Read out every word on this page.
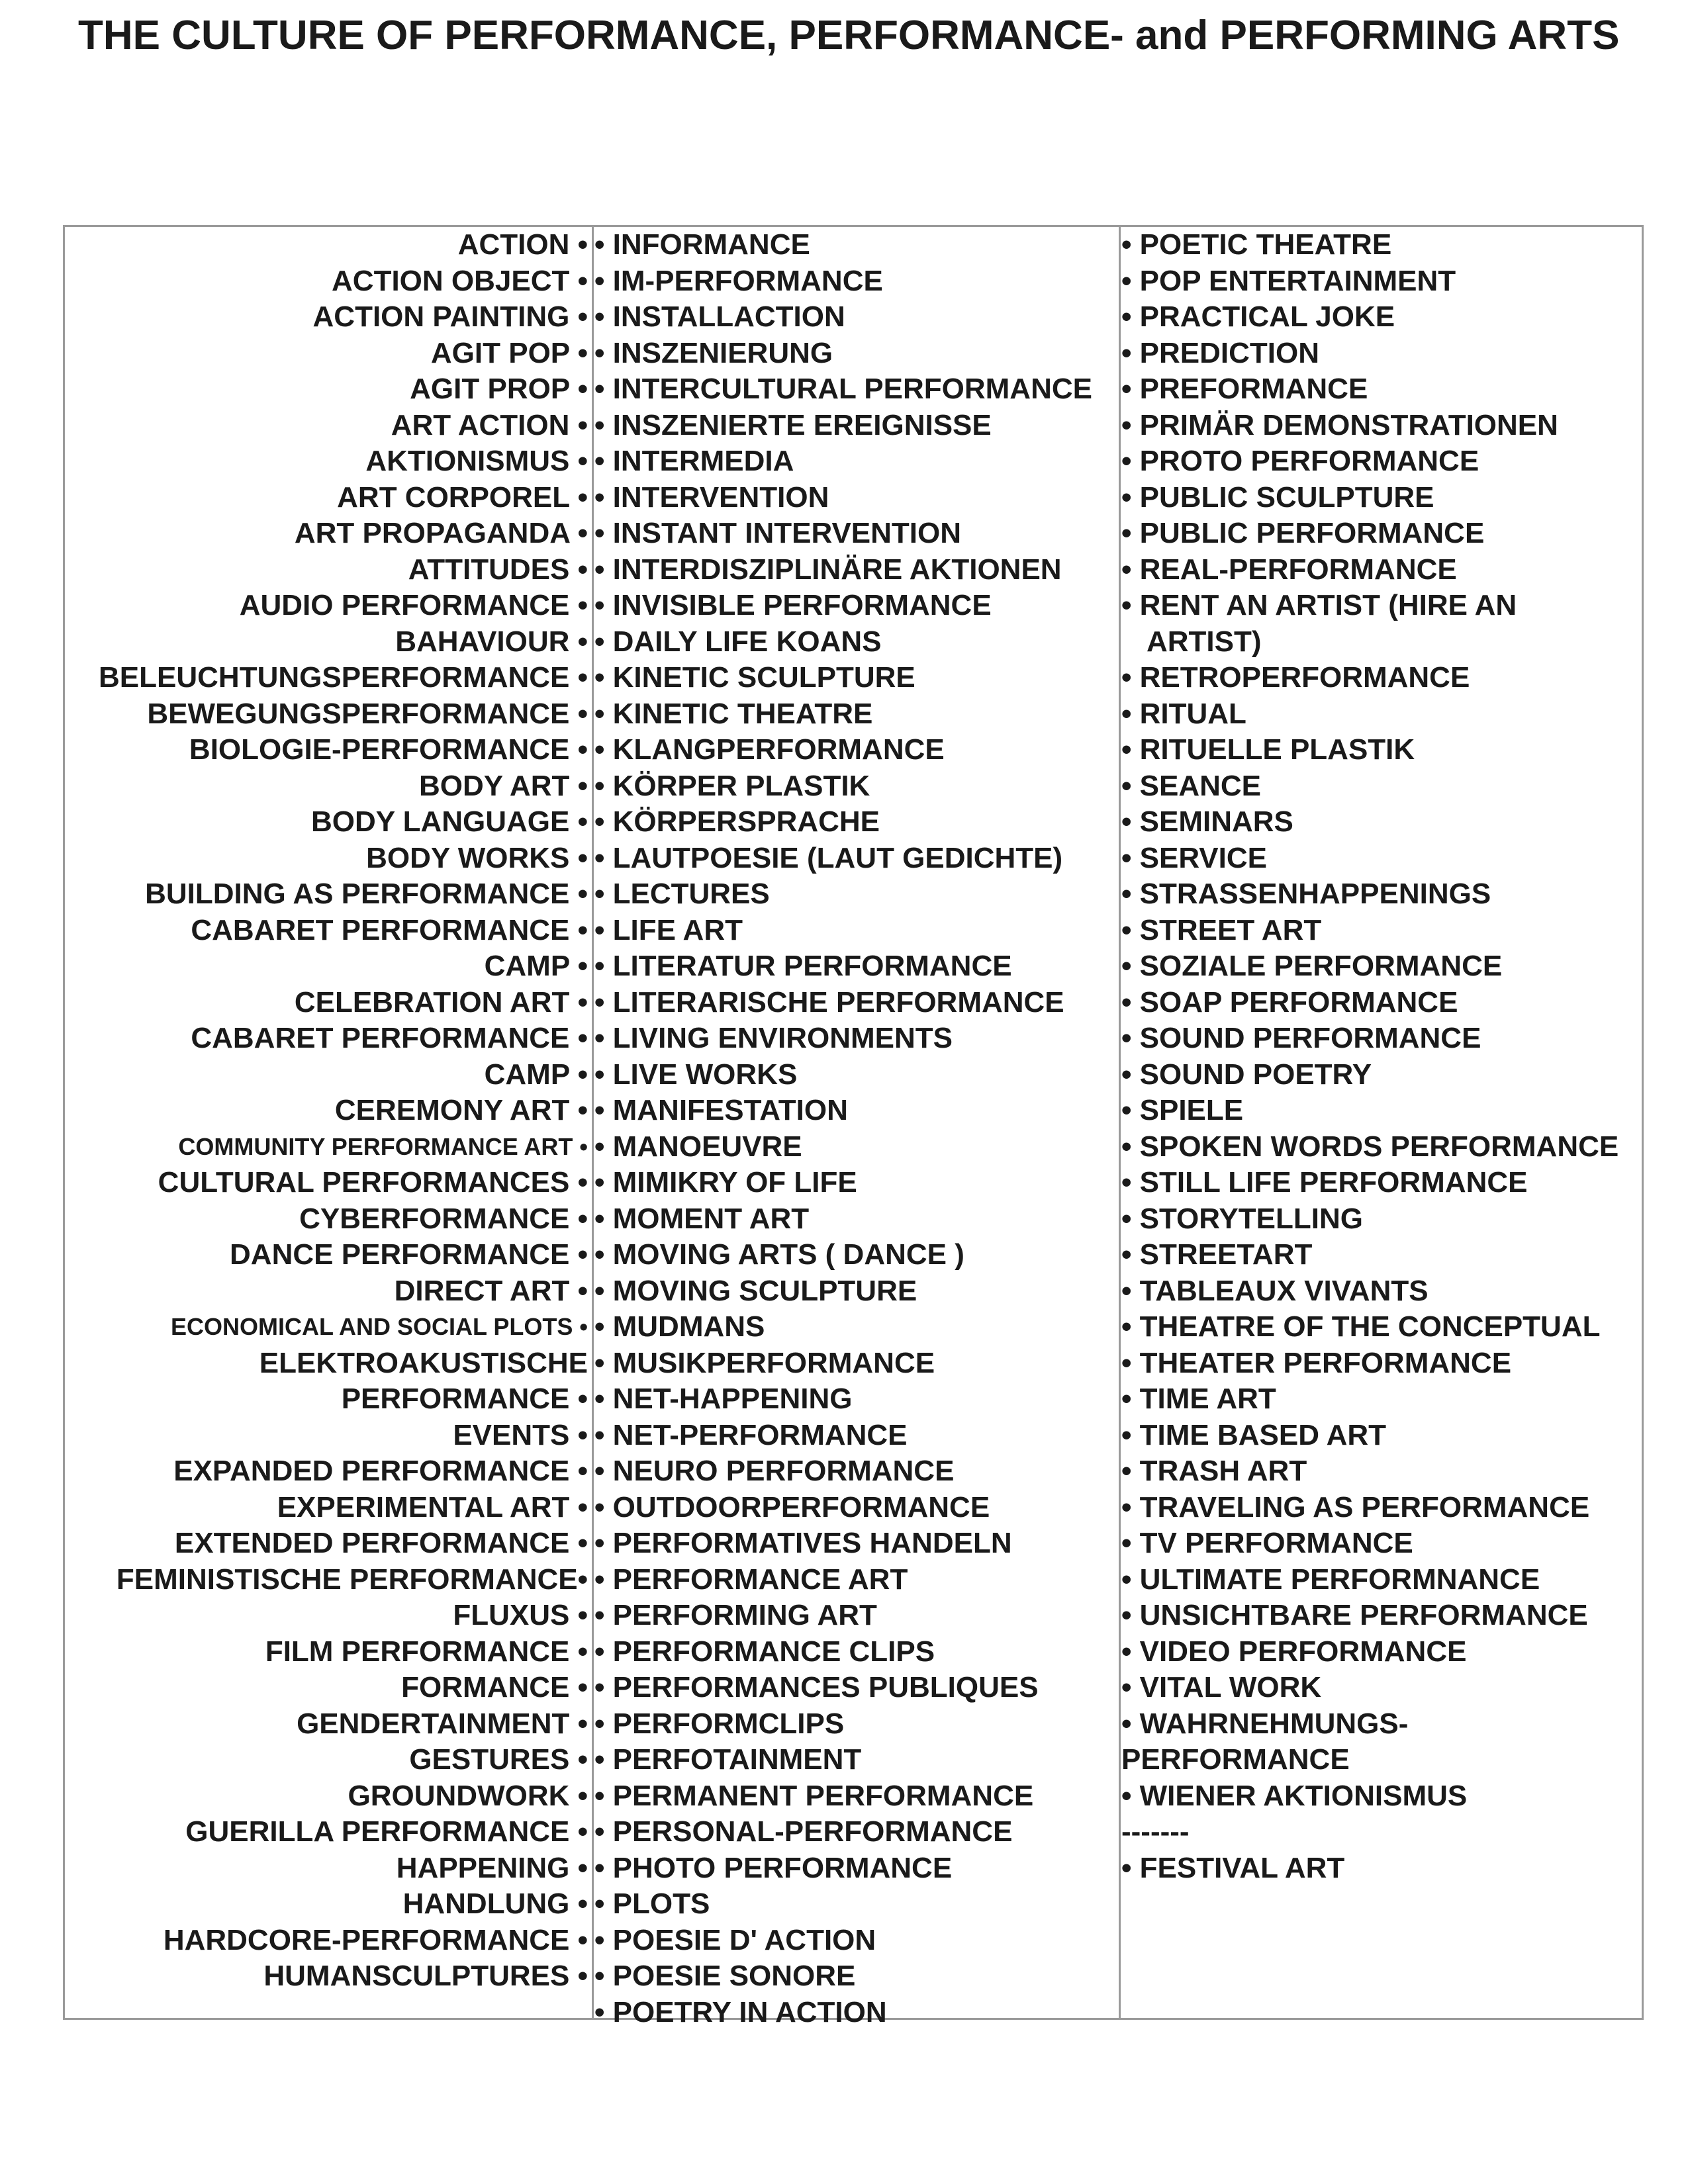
THE CULTURE OF PERFORMANCE, PERFORMANCE- and PERFORMING ARTS
ACTION •
ACTION OBJECT •
ACTION PAINTING •
AGIT POP •
AGIT PROP •
ART ACTION •
AKTIONISMUS •
ART CORPOREL •
ART PROPAGANDA •
ATTITUDES •
AUDIO PERFORMANCE •
BAHAVIOUR •
BELEUCHTUNGSPERFORMANCE •
BEWEGUNGSPERFORMANCE •
BIOLOGIE-PERFORMANCE •
BODY ART •
BODY LANGUAGE •
BODY WORKS •
BUILDING AS PERFORMANCE •
CABARET PERFORMANCE •
CAMP •
CELEBRATION ART •
CABARET PERFORMANCE •
CAMP •
CEREMONY ART •
COMMUNITY PERFORMANCE ART •
CULTURAL PERFORMANCES •
CYBERFORMANCE •
DANCE PERFORMANCE •
DIRECT ART •
ECONOMICAL AND SOCIAL PLOTS •
ELEKTROAKUSTISCHE
PERFORMANCE •
EVENTS •
EXPANDED PERFORMANCE •
EXPERIMENTAL ART •
EXTENDED PERFORMANCE •
FEMINISTISCHE PERFORMANCE•
FLUXUS •
FILM PERFORMANCE •
FORMANCE •
GENDERTAINMENT •
GESTURES •
GROUNDWORK •
GUERILLA PERFORMANCE •
HAPPENING •
HANDLUNG •
HARDCORE-PERFORMANCE •
HUMANSCULPTURES •
• INFORMANCE
• IM-PERFORMANCE
• INSTALLACTION
• INSZENIERUNG
• INTERCULTURAL PERFORMANCE
• INSZENIERTE EREIGNISSE
• INTERMEDIA
• INTERVENTION
• INSTANT INTERVENTION
• INTERDISZIPLINÄRE AKTIONEN
• INVISIBLE PERFORMANCE
• DAILY LIFE KOANS
• KINETIC SCULPTURE
• KINETIC THEATRE
• KLANGPERFORMANCE
• KÖRPER PLASTIK
• KÖRPERSPRACHE
• LAUTPOESIE (LAUT GEDICHTE)
• LECTURES
• LIFE ART
• LITERATUR PERFORMANCE
• LITERARISCHE PERFORMANCE
• LIVING ENVIRONMENTS
• LIVE WORKS
• MANIFESTATION
• MANOEUVRE
• MIMIKRY OF LIFE
• MOMENT ART
• MOVING ARTS ( DANCE )
• MOVING SCULPTURE
• MUDMANS
• MUSIKPERFORMANCE
• NET-HAPPENING
• NET-PERFORMANCE
• NEURO PERFORMANCE
• OUTDOORPERFORMANCE
• PERFORMATIVES HANDELN
• PERFORMANCE ART
• PERFORMING ART
• PERFORMANCE CLIPS
• PERFORMANCES PUBLIQUES
• PERFORMCLIPS
• PERFOTAINMENT
• PERMANENT PERFORMANCE
• PERSONAL-PERFORMANCE
• PHOTO PERFORMANCE
• PLOTS
• POESIE D' ACTION
• POESIE SONORE
• POETRY IN ACTION
• POETIC THEATRE
• POP ENTERTAINMENT
• PRACTICAL JOKE
• PREDICTION
• PREFORMANCE
• PRIMÄR DEMONSTRATIONEN
• PROTO PERFORMANCE
• PUBLIC SCULPTURE
• PUBLIC PERFORMANCE
• REAL-PERFORMANCE
• RENT AN ARTIST (HIRE AN
ARTIST)
• RETROPERFORMANCE
• RITUAL
• RITUELLE PLASTIK
• SEANCE
• SEMINARS
• SERVICE
• STRASSENHAPPENINGS
• STREET ART
• SOZIALE PERFORMANCE
• SOAP PERFORMANCE
• SOUND PERFORMANCE
• SOUND POETRY
• SPIELE
• SPOKEN WORDS PERFORMANCE
• STILL LIFE PERFORMANCE
• STORYTELLING
• STREETART
• TABLEAUX VIVANTS
• THEATRE OF THE CONCEPTUAL
• THEATER PERFORMANCE
• TIME ART
• TIME BASED ART
• TRASH ART
• TRAVELING AS PERFORMANCE
• TV PERFORMANCE
• ULTIMATE PERFORMNANCE
• UNSICHTBARE PERFORMANCE
• VIDEO PERFORMANCE
• VITAL WORK
• WAHRNEHMUNGS-
PERFORMANCE
• WIENER AKTIONISMUS
-------
• FESTIVAL ART
